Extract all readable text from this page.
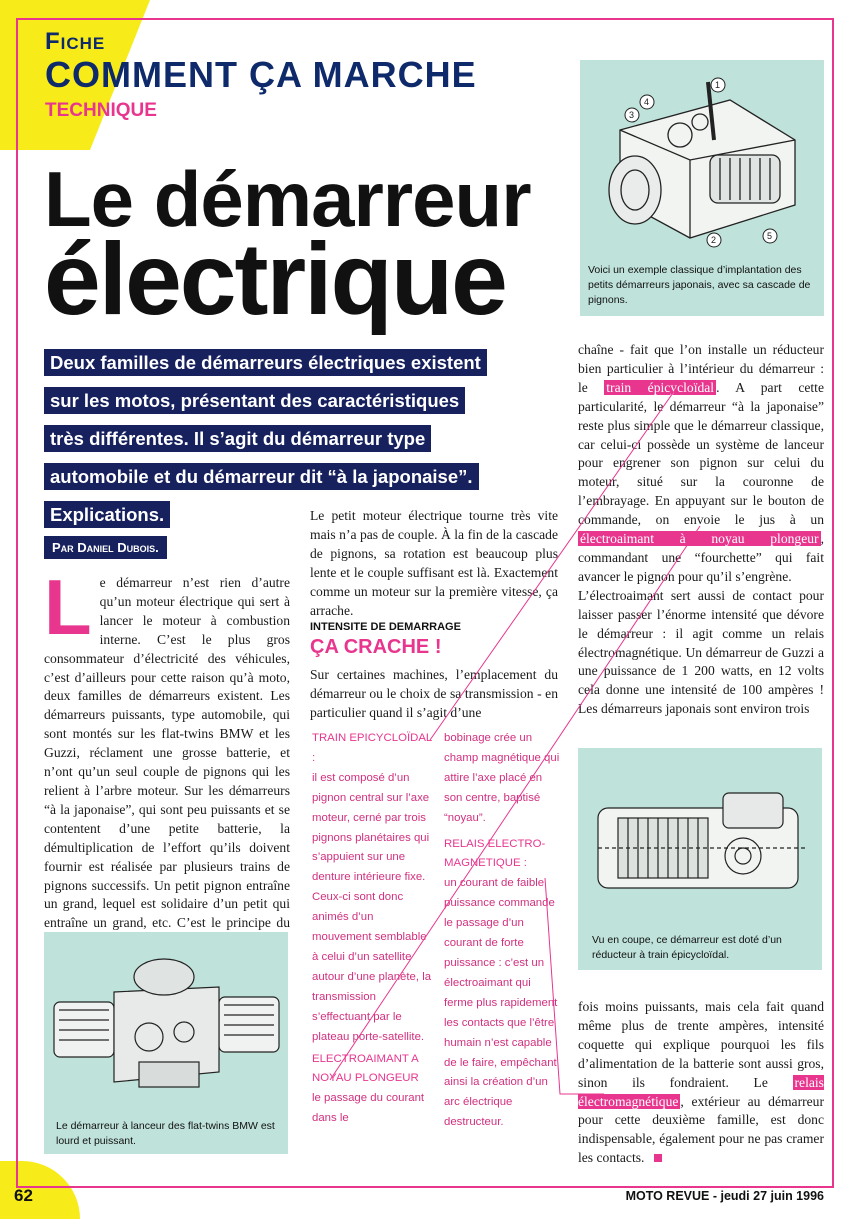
Fiche
COMMENT ÇA MARCHE
TECHNIQUE
Le démarreur
électrique
Deux familles de démarreurs électriques existent
sur les motos, présentant des caractéristiques
très différentes. Il s’agit du démarreur type
automobile et du démarreur dit “à la japonaise”.
Explications.
Par Daniel Dubois.
L e démarreur n’est rien d’autre qu’un moteur électrique qui sert à lancer le moteur à combustion interne. C’est le plus gros consommateur d’électricité des véhicules, c’est d’ailleurs pour cette raison qu’à moto, deux familles de démarreurs existent. Les démarreurs puissants, type automobile, qui sont montés sur les flat-twins BMW et les Guzzi, réclament une grosse batterie, et n’ont qu’un seul couple de pignons qui les relient à l’arbre moteur. Sur les démarreurs “à la japonaise”, qui sont peu puissants et se contentent d’une petite batterie, la démultiplication de l’effort qu’ils doivent fournir est réalisée par plusieurs trains de pignons successifs. Un petit pignon entraîne un grand, lequel est solidaire d’un petit qui entraîne un grand, etc. C’est le principe du
Le petit moteur électrique tourne très vite mais n’a pas de couple. À la fin de la cascade de pignons, sa rotation est beaucoup plus lente et le couple suffisant est là. Exactement comme un moteur sur la première vitesse, ça arrache.
INTENSITE DE DEMARRAGE
ÇA CRACHE !
Sur certaines machines, l’emplacement du démarreur ou le choix de sa transmission - en particulier quand il s’agit d’une
TRAIN EPICYCLOÏDAL :
il est composé d’un pignon central sur l’axe moteur, cerné par trois pignons planétaires qui s’appuient sur une denture intérieure fixe. Ceux-ci sont donc animés d’un mouvement semblable à celui d’un satellite autour d’une planète, la transmission s’effectuant par le plateau porte-satellite.
ELECTROAIMANT A NOYAU PLONGEUR
le passage du courant dans le
bobinage crée un champ magnétique qui attire l’axe placé en son centre, baptisé “noyau”.
RELAIS ELECTRO-MAGNETIQUE :
un courant de faible puissance commande le passage d’un courant de forte puissance : c’est un électroaimant qui ferme plus rapidement les contacts que l’être humain n’est capable de le faire, empêchant ainsi la création d’un arc électrique destructeur.

chaîne - fait que l’on installe un réducteur bien particulier à l’intérieur du démarreur : le train épicycloïdal . A part cette particularité, le démarreur “à la japonaise” reste plus simple que le démarreur classique, car celui-ci possède un système de lanceur pour engrener son pignon sur celui du moteur, situé sur la couronne de l’embrayage. En appuyant sur le bouton de commande, on envoie le jus à un électroaimant à noyau plongeur , commandant une “fourchette” qui fait avancer le pignon pour qu’il s’engrène.

L’électroaimant sert aussi de contact pour laisser passer l’énorme intensité que dévore le démarreur : il agit comme un relais électromagnétique. Un démarreur de Guzzi a une puissance de 1 200 watts, en 12 volts cela donne une intensité de 100 ampères ! Les démarreurs japonais sont environ trois

fois moins puissants, mais cela fait quand même plus de trente ampères, intensité coquette qui explique pourquoi les fils d’alimentation de la batterie sont aussi gros, sinon ils fondraient. Le relais électromagnétique , extérieur au démarreur pour cette deuxième famille, est donc indispensable, également pour ne pas cramer les contacts.
1
2
3
4
5
Voici un exemple classique d’implantation des petits démarreurs japonais, avec sa cascade de pignons.
Vu en coupe, ce démarreur est doté d’un réducteur à train épicycloïdal.
Le démarreur à lanceur des flat-twins BMW est lourd et puissant.
62	MOTO REVUE - jeudi 27 juin 1996
